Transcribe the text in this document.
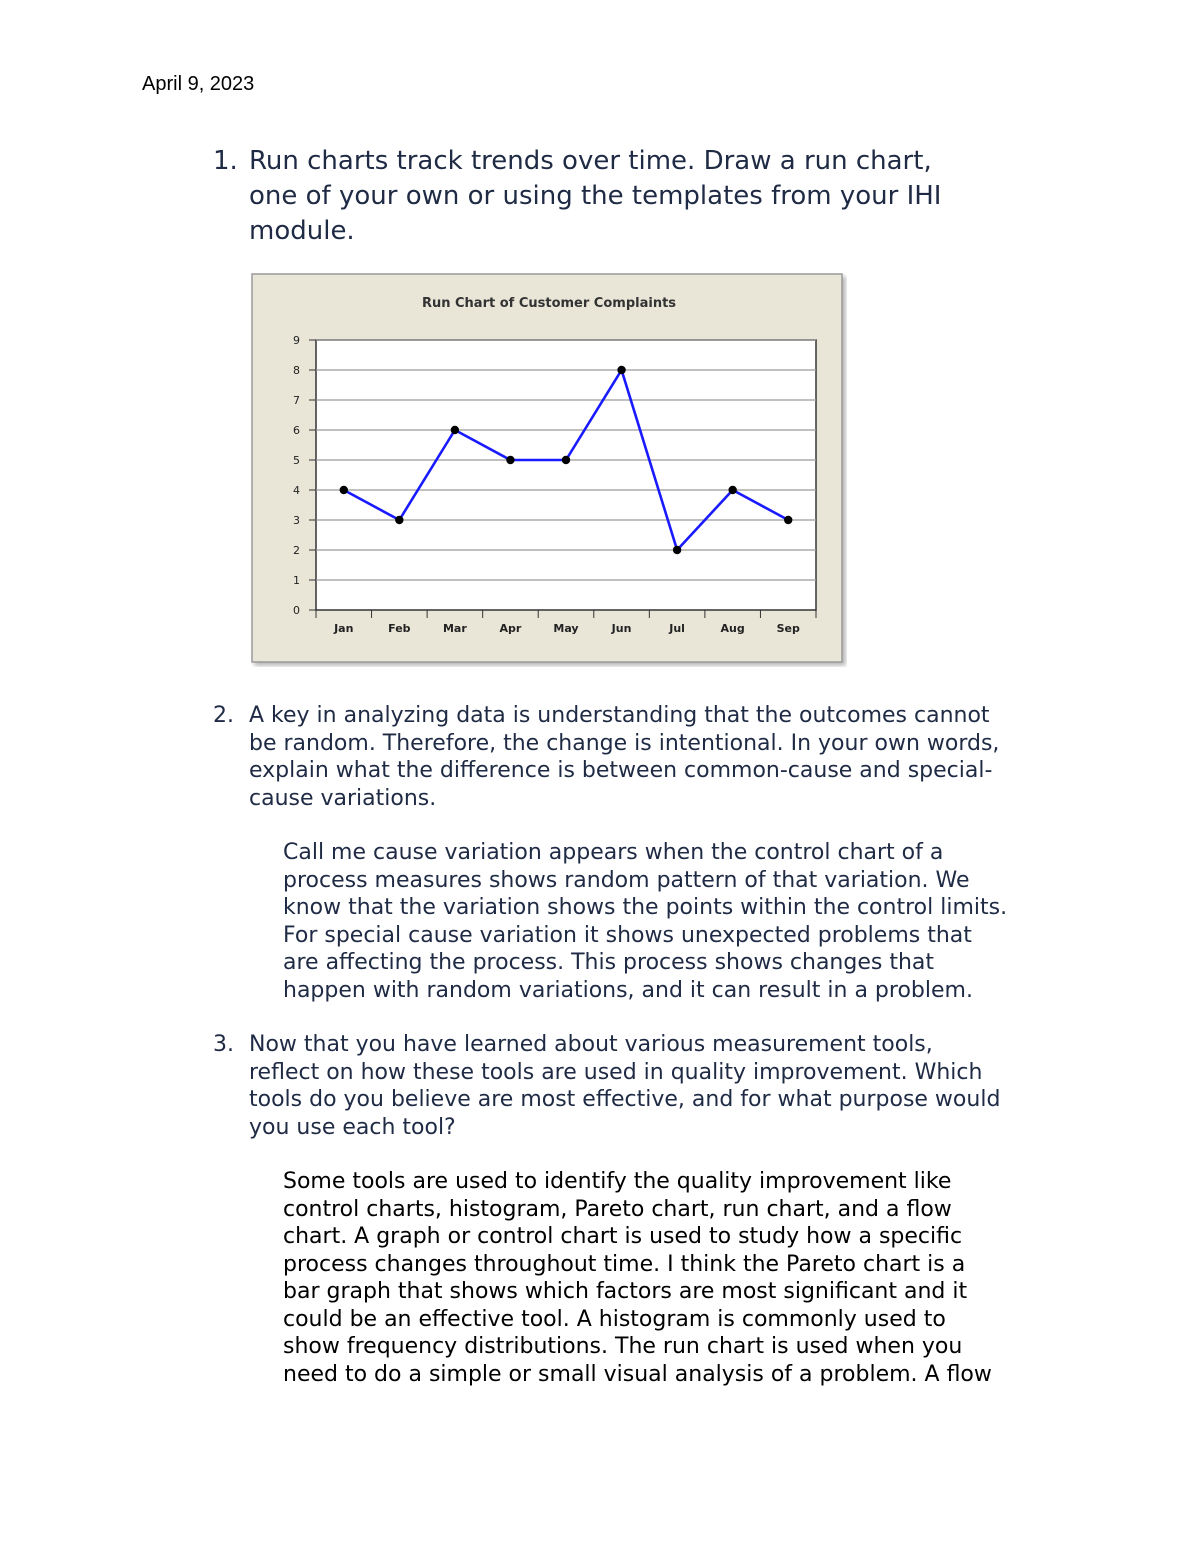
April 9, 2023
1. Run charts track trends over time. Draw a run chart,
one of your own or using the templates from your IHI
module.
Run Chart of Customer Complaints
0
1
2
3
4
5
6
7
8
9
Jan	Feb	Mar	Apr	May	Jun	Jul	Aug	Sep
2. A key in analyzing data is understanding that the outcomes cannot
be random. Therefore, the change is intentional. In your own words,
explain what the difference is between common-cause and special-
cause variations.
Call me cause variation appears when the control chart of a
process measures shows random pattern of that variation. We
know that the variation shows the points within the control limits.
For special cause variation it shows unexpected problems that
are affecting the process. This process shows changes that
happen with random variations, and it can result in a problem.
3. Now that you have learned about various measurement tools,
reflect on how these tools are used in quality improvement. Which
tools do you believe are most effective, and for what purpose would
you use each tool?
Some tools are used to identify the quality improvement like
control charts, histogram, Pareto chart, run chart, and a flow
chart. A graph or control chart is used to study how a specific
process changes throughout time. I think the Pareto chart is a
bar graph that shows which factors are most significant and it
could be an effective tool. A histogram is commonly used to
show frequency distributions. The run chart is used when you
need to do a simple or small visual analysis of a problem. A flow
